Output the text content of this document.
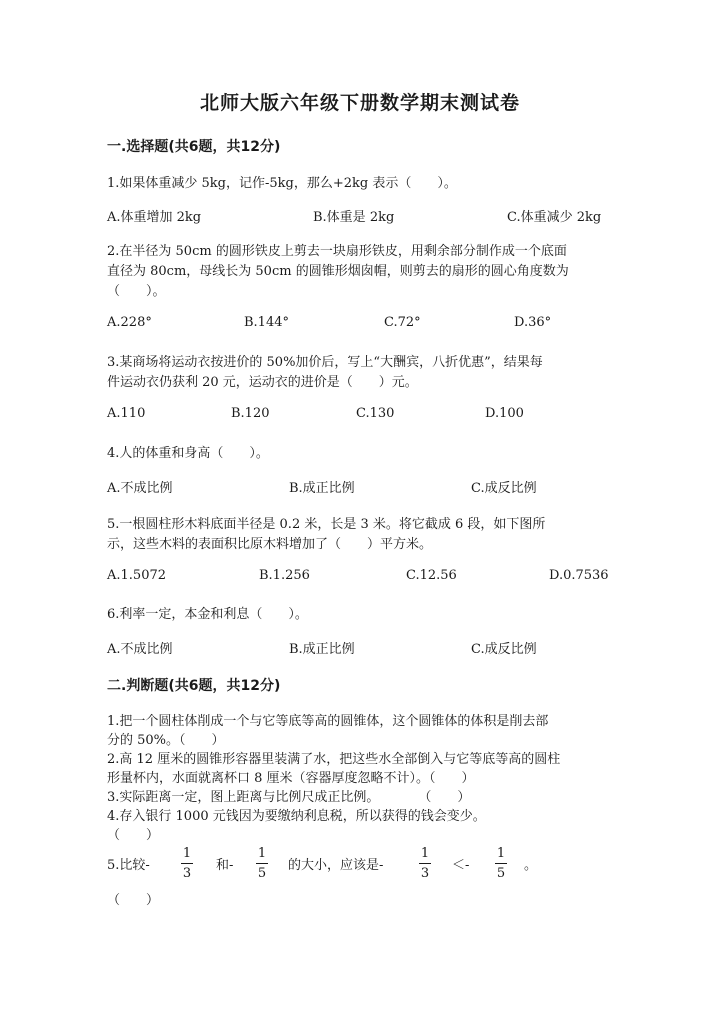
北师大版六年级下册数学期末测试卷
一.选择题(共6题，共12分)
1.如果体重减少 5kg，记作-5kg，那么+2kg 表示（　　）。
A.体重增加 2kg	B.体重是 2kg	C.体重减少 2kg
2.在半径为 50cm 的圆形铁皮上剪去一块扇形铁皮，用剩余部分制作成一个底面
直径为 80cm，母线长为 50cm 的圆锥形烟囱帽，则剪去的扇形的圆心角度数为
（　　）。
A.228°	B.144°	C.72°	D.36°
3.某商场将运动衣按进价的 50%加价后，写上“大酬宾，八折优惠”，结果每
件运动衣仍获利 20 元，运动衣的进价是（　　）元。
A.110	B.120	C.130	D.100
4.人的体重和身高（　　）。
A.不成比例	B.成正比例	C.成反比例
5.一根圆柱形木料底面半径是 0.2 米，长是 3 米。将它截成 6 段，如下图所
示，这些木料的表面积比原木料增加了（　　）平方米。
A.1.5072	B.1.256	C.12.56	D.0.7536
6.利率一定，本金和利息（　　）。
A.不成比例	B.成正比例	C.成反比例
二.判断题(共6题，共12分)
1.把一个圆柱体削成一个与它等底等高的圆锥体，这个圆锥体的体积是削去部
分的 50%。（　　）
2.高 12 厘米的圆锥形容器里装满了水，把这些水全部倒入与它等底等高的圆柱
形量杯内，水面就离杯口 8 厘米（容器厚度忽略不计）。（　　）
3.实际距离一定，图上距离与比例尺成正比例。　　　　（　　）
4.存入银行 1000 元钱因为要缴纳利息税，所以获得的钱会变少。
（　　）
5.比较-
1
3
和-
1
5
的大小，应该是-
1
3
＜-
1
5
。
（　　）
